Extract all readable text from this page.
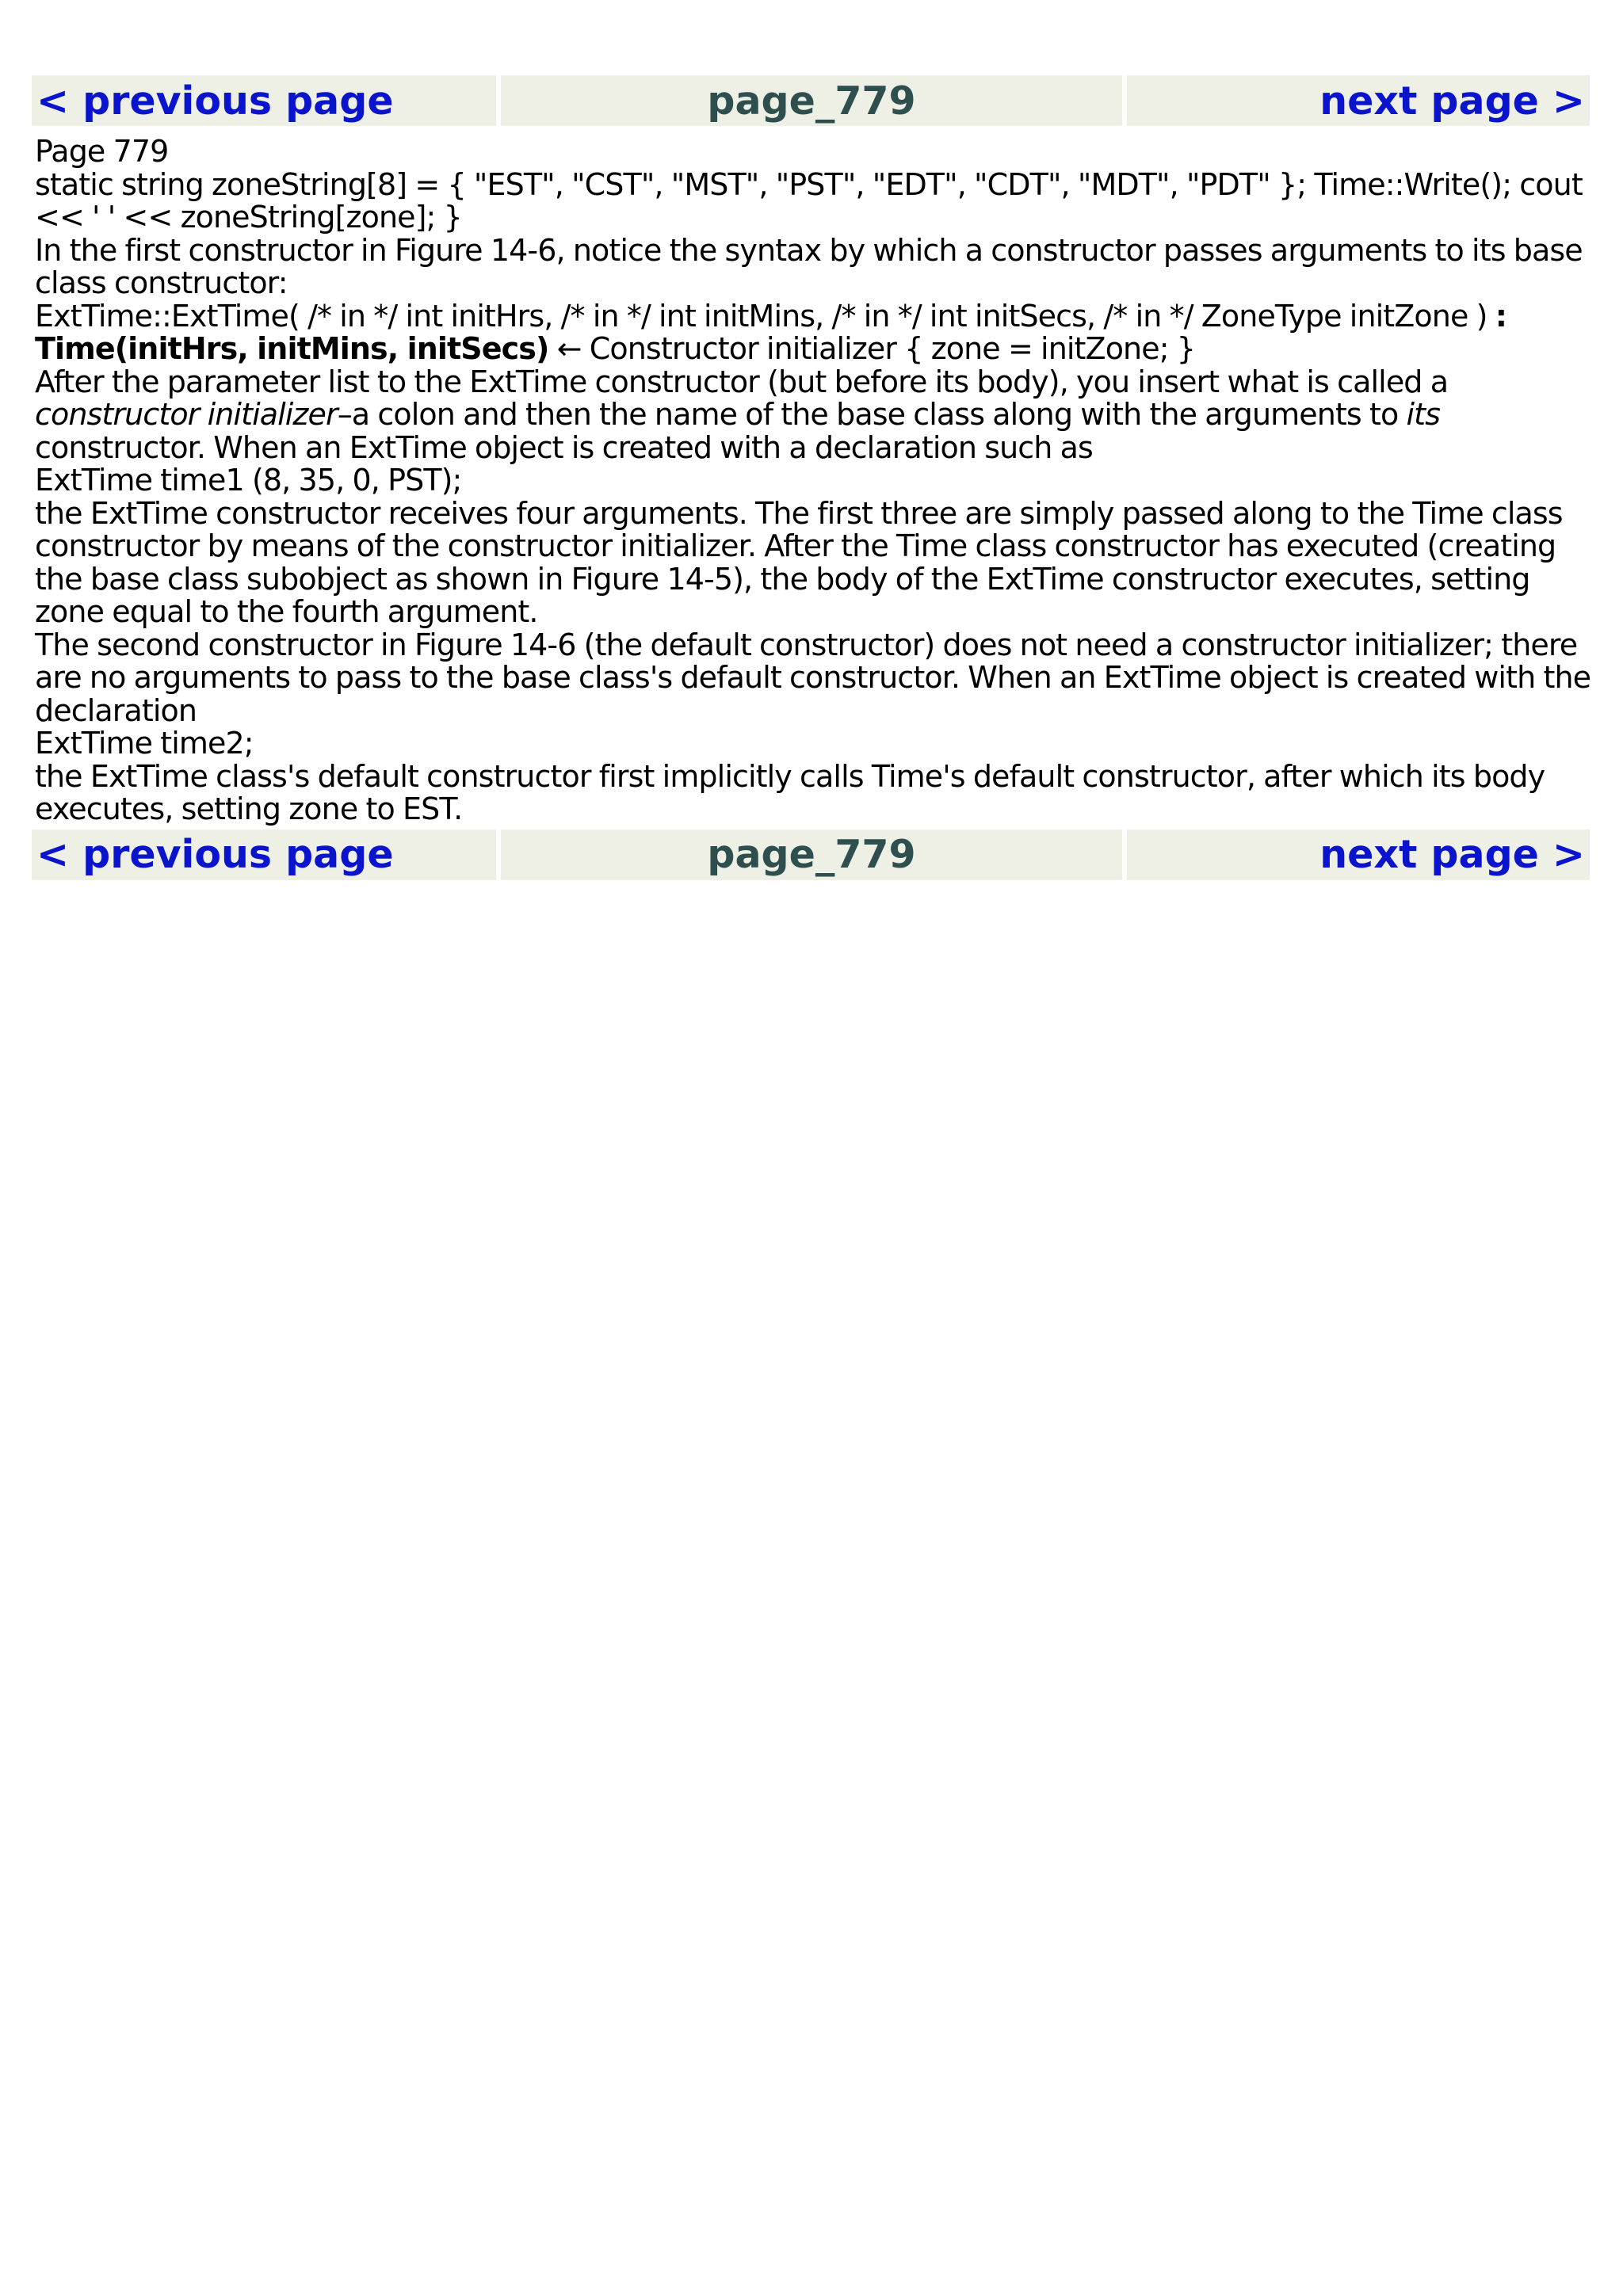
< previous page	page_779	next page >

Page 779

static string zoneString[8] = { "EST", "CST", "MST", "PST", "EDT", "CDT", "MDT", "PDT" }; Time::Write(); cout << ' ' << zoneString[zone]; }

In the first constructor in Figure 14-6, notice the syntax by which a constructor passes arguments to its base class constructor:

ExtTime::ExtTime( /* in */ int initHrs, /* in */ int initMins, /* in */ int initSecs, /* in */ ZoneType initZone ) : Time(initHrs, initMins, initSecs) ← Constructor initializer { zone = initZone; }

After the parameter list to the ExtTime constructor (but before its body), you insert what is called a constructor initializer–a colon and then the name of the base class along with the arguments to its constructor. When an ExtTime object is created with a declaration such as

ExtTime time1 (8, 35, 0, PST);

the ExtTime constructor receives four arguments. The first three are simply passed along to the Time class constructor by means of the constructor initializer. After the Time class constructor has executed (creating the base class subobject as shown in Figure 14-5), the body of the ExtTime constructor executes, setting zone equal to the fourth argument.

The second constructor in Figure 14-6 (the default constructor) does not need a constructor initializer; there are no arguments to pass to the base class's default constructor. When an ExtTime object is created with the declaration

ExtTime time2;

the ExtTime class's default constructor first implicitly calls Time's default constructor, after which its body executes, setting zone to EST.

< previous page	page_779	next page >
